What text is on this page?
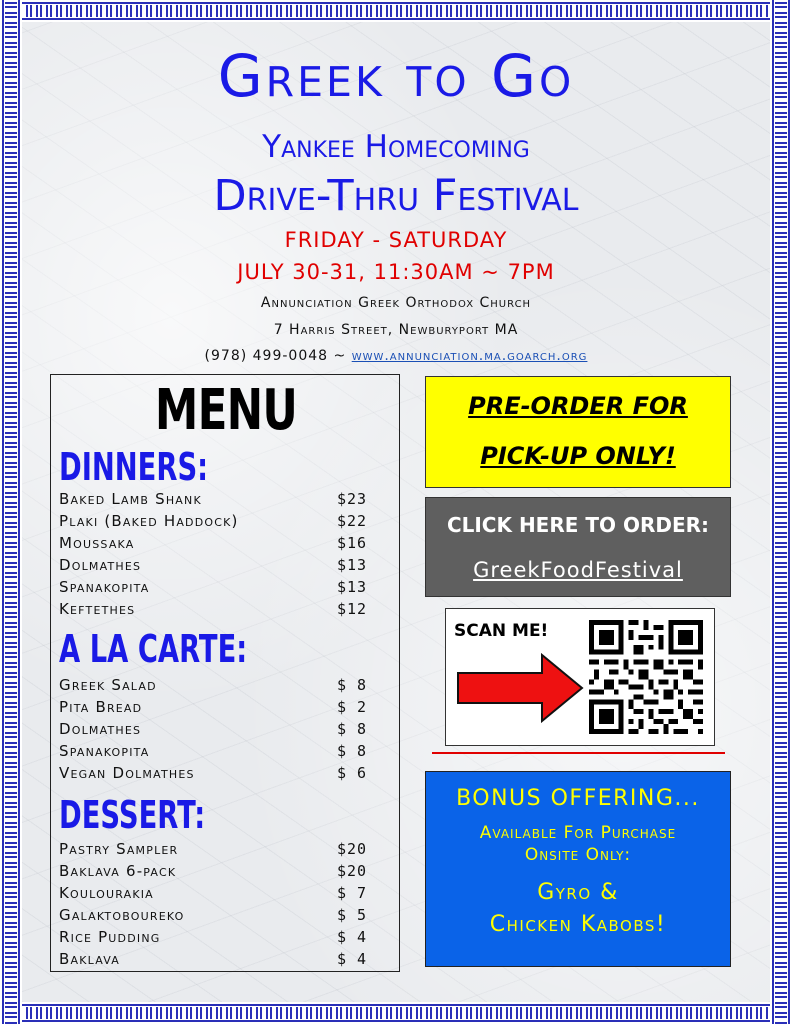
Greek to Go
Yankee Homecoming
Drive-Thru Festival
FRIDAY - SATURDAY
JULY 30-31, 11:30AM ~ 7PM
Annunciation Greek Orthodox Church
7 Harris Street, Newburyport MA
(978) 499-0048 ~ www.annunciation.ma.goarch.org
MENU
DINNERS:
Baked Lamb Shank	$23
Plaki (Baked Haddock)	$22
Moussaka	$16
Dolmathes	$13
Spanakopita	$13
Keftethes	$12
A LA CARTE:
Greek Salad	$ 8
Pita Bread	$ 2
Dolmathes	$ 8
Spanakopita	$ 8
Vegan Dolmathes	$ 6
DESSERT:
Pastry Sampler	$20
Baklava 6-pack	$20
Koulourakia	$ 7
Galaktoboureko	$ 5
Rice Pudding	$ 4
Baklava	$ 4
PRE-ORDER FOR
PICK-UP ONLY!
CLICK HERE TO ORDER:
GreekFoodFestival
SCAN ME!
BONUS OFFERING...
Available For Purchase
Onsite Only:
Gyro &
Chicken Kabobs!
